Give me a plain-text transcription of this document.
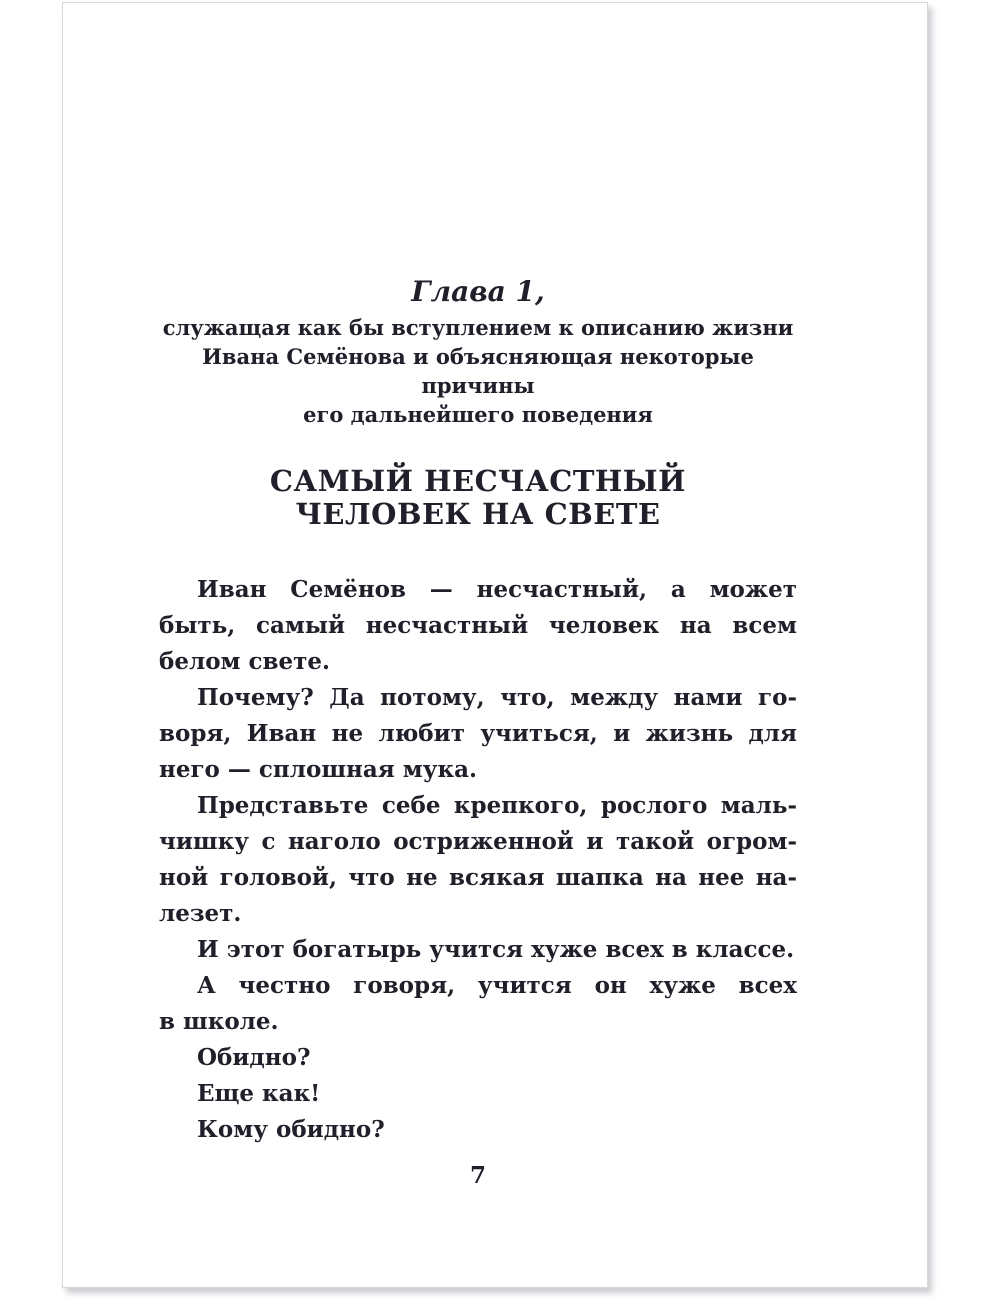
Глава 1,
служащая как бы вступлением к описанию жизни
Ивана Семёнова и объясняющая некоторые причины
его дальнейшего поведения
САМЫЙ НЕСЧАСТНЫЙ
ЧЕЛОВЕК НА СВЕТЕ
Иван Семёнов — несчастный, а может
быть, самый несчастный человек на всем
белом свете.
Почему? Да потому, что, между нами го-
воря, Иван не любит учиться, и жизнь для
него — сплошная мука.
Представьте себе крепкого, рослого маль-
чишку с наголо остриженной и такой огром-
ной головой, что не всякая шапка на нее на-
лезет.
И этот богатырь учится хуже всех в классе.
А честно говоря, учится он хуже всех
в школе.
Обидно?
Еще как!
Кому обидно?
7
